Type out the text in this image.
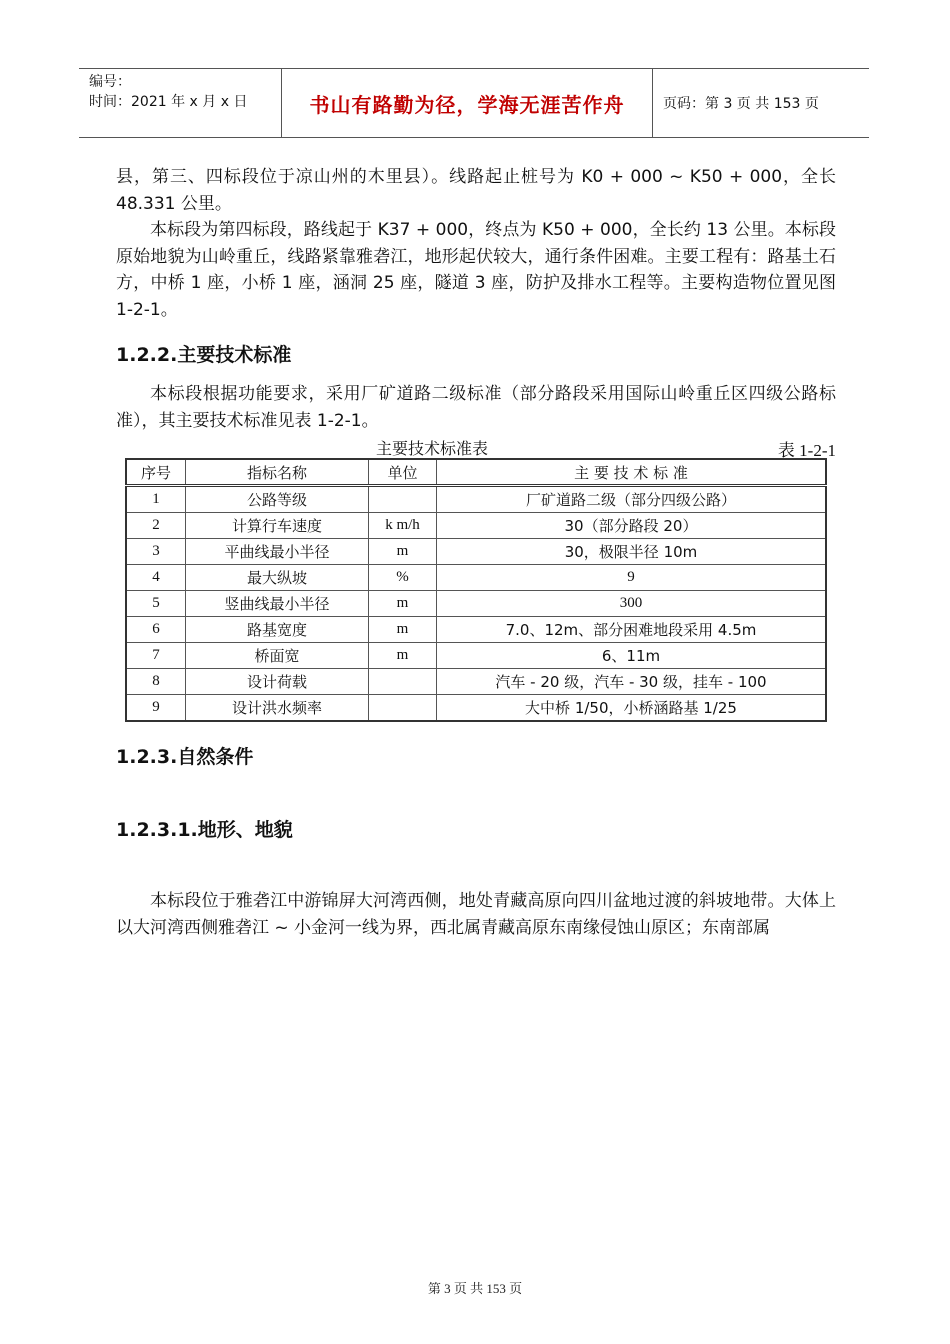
编号：
时间：2021 年 x 月 x 日	书山有路勤为径，学海无涯苦作舟	页码：第 3 页 共 153 页

县，第三、四标段位于凉山州的木里县）。线路起止桩号为 K0 + 000 ~ K50 + 000，全长 48.331 公里。

本标段为第四标段，路线起于 K37 + 000，终点为 K50 + 000，全长约 13 公里。本标段原始地貌为山岭重丘，线路紧靠雅砻江，地形起伏较大，通行条件困难。主要工程有：路基土石方，中桥 1 座，小桥 1 座，涵洞 25 座，隧道 3 座，防护及排水工程等。主要构造物位置见图 1-2-1。

1.2.2.主要技术标准

本标段根据功能要求，采用厂矿道路二级标准（部分路段采用国际山岭重丘区四级公路标准），其主要技术标准见表 1-2-1。

主要技术标准表	表 1-2-1
序号	指标名称	单位	主 要 技 术 标 准
1	公路等级		厂矿道路二级（部分四级公路）
2	计算行车速度	k m/h	30（部分路段 20）
3	平曲线最小半径	m	30，极限半径 10m
4	最大纵坡	%	9
5	竖曲线最小半径	m	300
6	路基宽度	m	7.0、12m、部分困难地段采用 4.5m
7	桥面宽	m	6、11m
8	设计荷载		汽车 - 20 级，汽车 - 30 级，挂车 - 100
9	设计洪水频率		大中桥 1/50，小桥涵路基 1/25
1.2.3.自然条件
1.2.3.1.地形、地貌

本标段位于雅砻江中游锦屏大河湾西侧，地处青藏高原向四川盆地过渡的斜坡地带。大体上以大河湾西侧雅砻江 ~ 小金河一线为界，西北属青藏高原东南缘侵蚀山原区；东南部属

第 3 页 共 153 页
